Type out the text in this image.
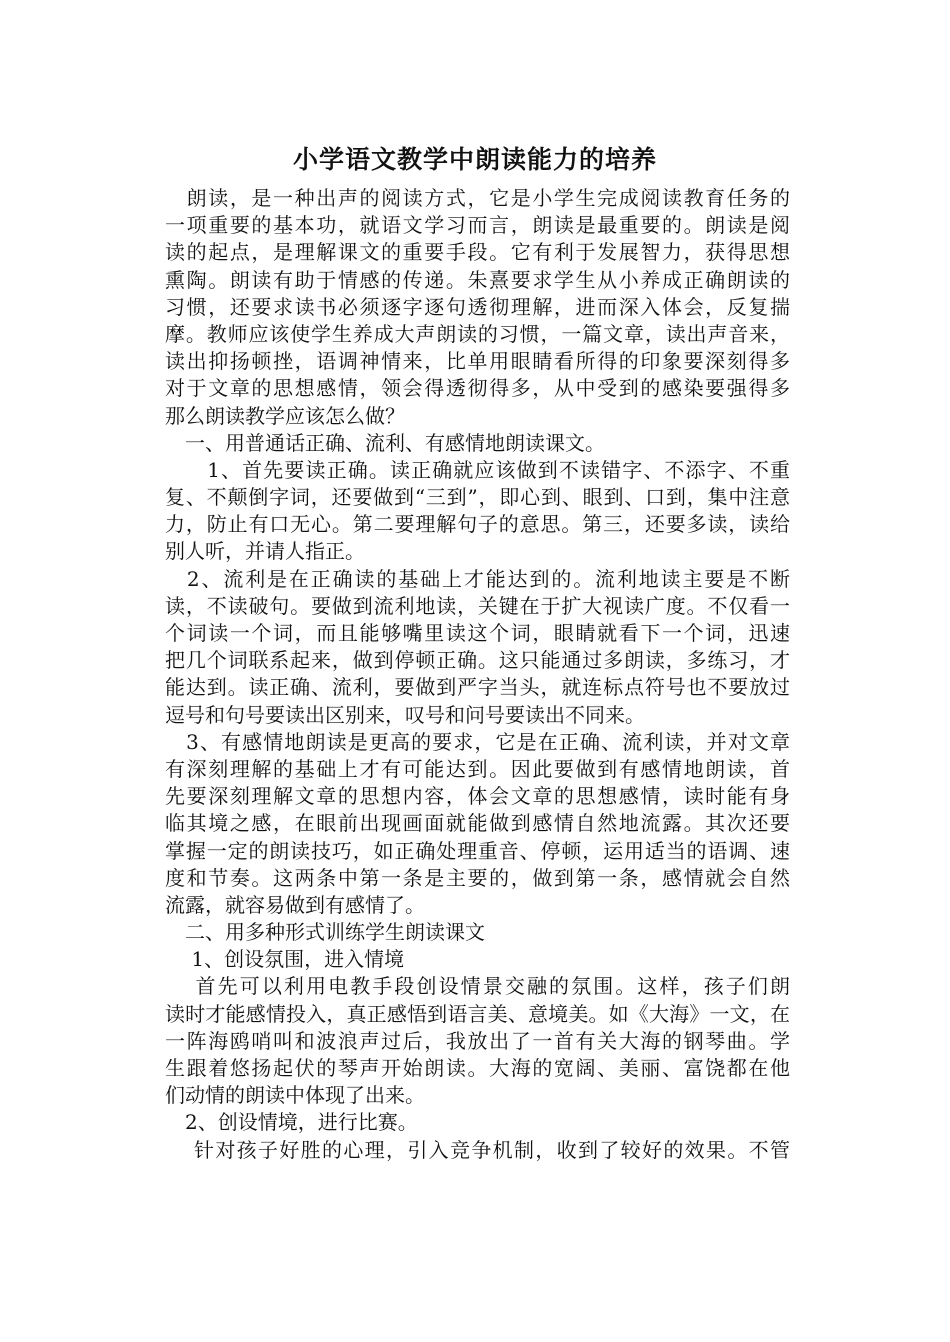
小学语文教学中朗读能力的培养
　朗读，是一种出声的阅读方式，它是小学生完成阅读教育任务的
一项重要的基本功，就语文学习而言，朗读是最重要的。朗读是阅
读的起点，是理解课文的重要手段。它有利于发展智力，获得思想
熏陶。朗读有助于情感的传递。朱熹要求学生从小养成正确朗读的
习惯，还要求读书必须逐字逐句透彻理解，进而深入体会，反复揣
摩。教师应该使学生养成大声朗读的习惯，一篇文章，读出声音来，
读出抑扬顿挫，语调神情来，比单用眼睛看所得的印象要深刻得多
对于文章的思想感情，领会得透彻得多，从中受到的感染要强得多
那么朗读教学应该怎么做？
　一、用普通话正确、流利、有感情地朗读课文。
　　1、首先要读正确。读正确就应该做到不读错字、不添字、不重
复、不颠倒字词，还要做到“三到”，即心到、眼到、口到，集中注意
力，防止有口无心。第二要理解句子的意思。第三，还要多读，读给
别人听，并请人指正。
　2、流利是在正确读的基础上才能达到的。流利地读主要是不断
读，不读破句。要做到流利地读，关键在于扩大视读广度。不仅看一
个词读一个词，而且能够嘴里读这个词，眼睛就看下一个词，迅速
把几个词联系起来，做到停顿正确。这只能通过多朗读，多练习，才
能达到。读正确、流利，要做到严字当头，就连标点符号也不要放过
逗号和句号要读出区别来，叹号和问号要读出不同来。
　3、有感情地朗读是更高的要求，它是在正确、流利读，并对文章
有深刻理解的基础上才有可能达到。因此要做到有感情地朗读，首
先要深刻理解文章的思想内容，体会文章的思想感情，读时能有身
临其境之感，在眼前出现画面就能做到感情自然地流露。其次还要
掌握一定的朗读技巧，如正确处理重音、停顿，运用适当的语调、速
度和节奏。这两条中第一条是主要的，做到第一条，感情就会自然
流露，就容易做到有感情了。
　二、用多种形式训练学生朗读课文
　 1、创设氛围，进入情境
　 首先可以利用电教手段创设情景交融的氛围。这样，孩子们朗
读时才能感情投入，真正感悟到语言美、意境美。如《大海》一文，在
一阵海鸥哨叫和波浪声过后，我放出了一首有关大海的钢琴曲。学
生跟着悠扬起伏的琴声开始朗读。大海的宽阔、美丽、富饶都在他
们动情的朗读中体现了出来。
　2、创设情境，进行比赛。
　 针对孩子好胜的心理，引入竞争机制，收到了较好的效果。不管
